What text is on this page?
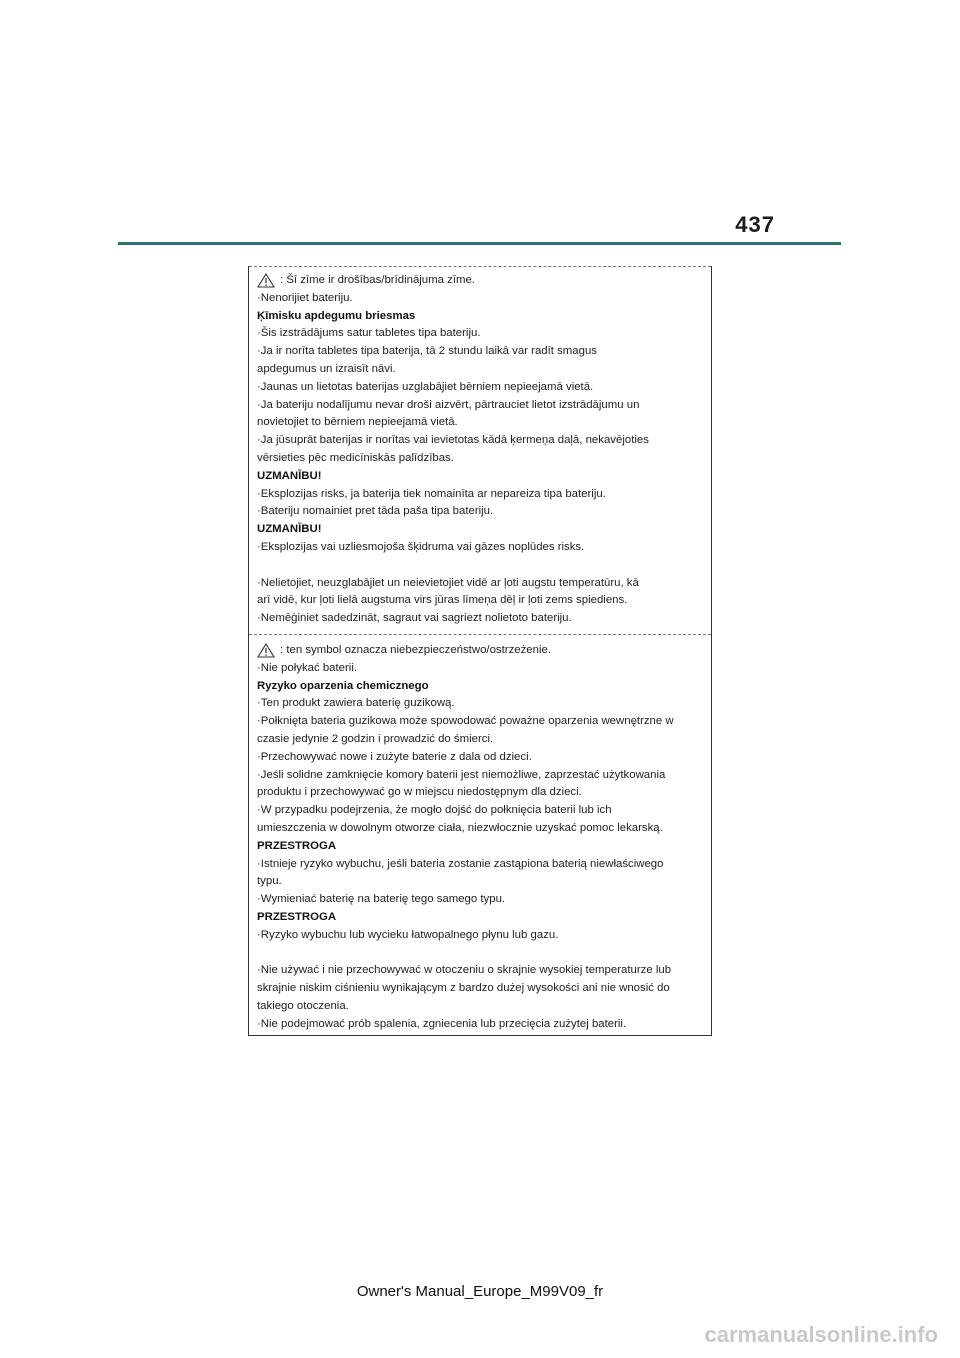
437

: Šī zīme ir drošības/brīdinājuma zīme.

·Nenorijiet bateriju.

Ķīmisku apdegumu briesmas

·Šis izstrādājums satur tabletes tipa bateriju.

·Ja ir norīta tabletes tipa baterija, tā 2 stundu laikā var radīt smagus

apdegumus un izraisīt nāvi.

·Jaunas un lietotas baterijas uzglabājiet bērniem nepieejamā vietā.

·Ja bateriju nodalījumu nevar droši aizvērt, pārtrauciet lietot izstrādājumu un

novietojiet to bērniem nepieejamā vietā.

·Ja jūsuprāt baterijas ir norītas vai ievietotas kādā ķermeņa daļā, nekavējoties

vērsieties pēc medicīniskās palīdzības.

UZMANĪBU!

·Eksplozijas risks, ja baterija tiek nomainīta ar nepareiza tipa bateriju.

·Bateriju nomainiet pret tāda paša tipa bateriju.

UZMANĪBU!

·Eksplozijas vai uzliesmojoša šķidruma vai gāzes noplūdes risks.

·Nelietojiet, neuzglabājiet un neievietojiet vidē ar ļoti augstu temperatūru, kā

arī vidē, kur ļoti lielā augstuma virs jūras līmeņa dēļ ir ļoti zems spiediens.

·Nemēģiniet sadedzināt, sagraut vai sagriezt nolietoto bateriju.

: ten symbol oznacza niebezpieczeństwo/ostrzeżenie.

·Nie połykać baterii.

Ryzyko oparzenia chemicznego

·Ten produkt zawiera baterię guzikową.

·Połknięta bateria guzikowa może spowodować poważne oparzenia wewnętrzne w

czasie jedynie 2 godzin i prowadzić do śmierci.

·Przechowywać nowe i zużyte baterie z dala od dzieci.

·Jeśli solidne zamknięcie komory baterii jest niemożliwe, zaprzestać użytkowania

produktu i przechowywać go w miejscu niedostępnym dla dzieci.

·W przypadku podejrzenia, że mogło dojść do połknięcia baterii lub ich

umieszczenia w dowolnym otworze ciała, niezwłocznie uzyskać pomoc lekarską.

PRZESTROGA

·Istnieje ryzyko wybuchu, jeśli bateria zostanie zastąpiona baterią niewłaściwego

typu.

·Wymieniać baterię na baterię tego samego typu.

PRZESTROGA

·Ryzyko wybuchu lub wycieku łatwopalnego płynu lub gazu.

·Nie używać i nie przechowywać w otoczeniu o skrajnie wysokiej temperaturze lub

skrajnie niskim ciśnieniu wynikającym z bardzo dużej wysokości ani nie wnosić do

takiego otoczenia.

·Nie podejmować prób spalenia, zgniecenia lub przecięcia zużytej baterii.

Owner's Manual_Europe_M99V09_fr
carmanualsonline.info
